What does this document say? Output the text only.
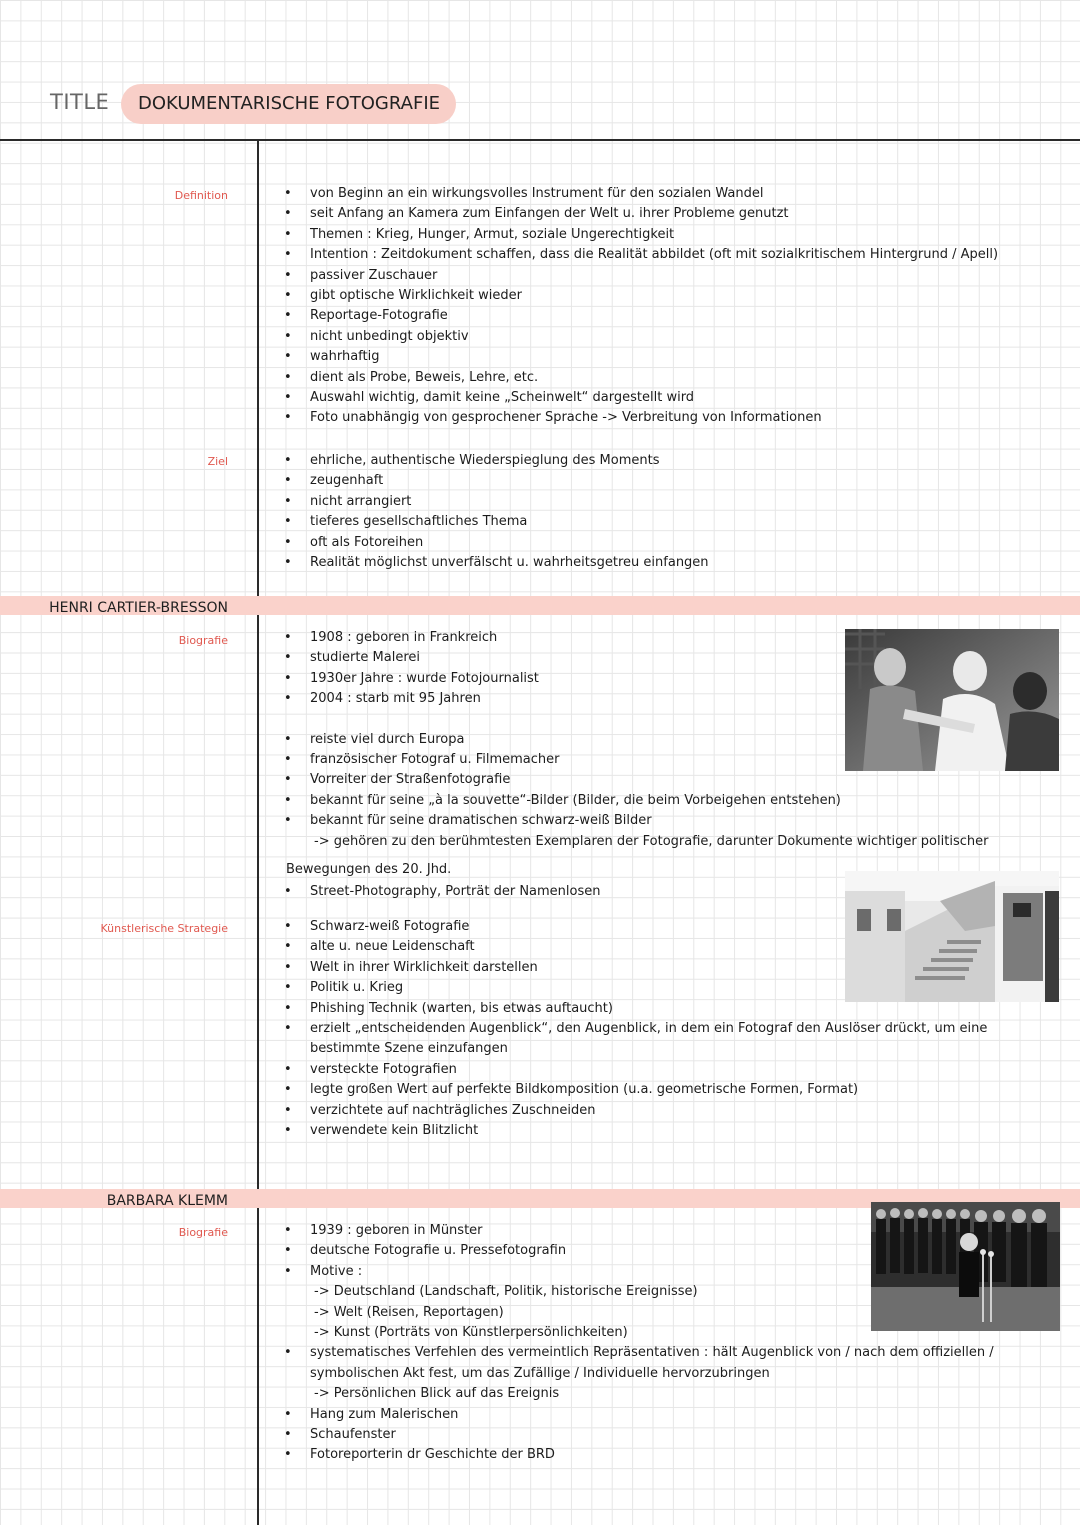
TITLE	DOKUMENTARISCHE FOTOGRAFIE
Definition	• von Beginn an ein wirkungsvolles Instrument für den sozialen Wandel
• seit Anfang an Kamera zum Einfangen der Welt u. ihrer Probleme genutzt
• Themen : Krieg, Hunger, Armut, soziale Ungerechtigkeit
• Intention : Zeitdokument schaffen, dass die Realität abbildet (oft mit sozialkritischem Hintergrund / Apell)
• passiver Zuschauer
• gibt optische Wirklichkeit wieder
• Reportage-Fotografie
• nicht unbedingt objektiv
• wahrhaftig
• dient als Probe, Beweis, Lehre, etc.
• Auswahl wichtig, damit keine „Scheinwelt“ dargestellt wird
• Foto unabhängig von gesprochener Sprache -> Verbreitung von Informationen
Ziel	• ehrliche, authentische Wiederspieglung des Moments
• zeugenhaft
• nicht arrangiert
• tieferes gesellschaftliches Thema
• oft als Fotoreihen
• Realität möglichst unverfälscht u. wahrheitsgetreu einfangen
HENRI CARTIER-BRESSON
Biografie	• 1908 : geboren in Frankreich
• studierte Malerei
• 1930er Jahre : wurde Fotojournalist
• 2004 : starb mit 95 Jahren
• reiste viel durch Europa
• französischer Fotograf u. Filmemacher
• Vorreiter der Straßenfotografie
• bekannt für seine „à la souvette“-Bilder (Bilder, die beim Vorbeigehen entstehen)
• bekannt für seine dramatischen schwarz-weiß Bilder
-> gehören zu den berühmtesten Exemplaren der Fotografie, darunter Dokumente wichtiger politischer
Bewegungen des 20. Jhd.
• Street-Photography, Porträt der Namenlosen
Künstlerische Strategie	• Schwarz-weiß Fotografie
• alte u. neue Leidenschaft
• Welt in ihrer Wirklichkeit darstellen
• Politik u. Krieg
• Phishing Technik (warten, bis etwas auftaucht)
• erzielt „entscheidenden Augenblick“, den Augenblick, in dem ein Fotograf den Auslöser drückt, um eine bestimmte Szene einzufangen
• versteckte Fotografien
• legte großen Wert auf perfekte Bildkomposition (u.a. geometrische Formen, Format)
• verzichtete auf nachträgliches Zuschneiden
• verwendete kein Blitzlicht
BARBARA KLEMM
Biografie	• 1939 : geboren in Münster
• deutsche Fotografie u. Pressefotografin
• Motive :
-> Deutschland (Landschaft, Politik, historische Ereignisse)
-> Welt (Reisen, Reportagen)
-> Kunst (Porträts von Künstlerpersönlichkeiten)
• systematisches Verfehlen des vermeintlich Repräsentativen : hält Augenblick von / nach dem offiziellen / symbolischen Akt fest, um das Zufällige / Individuelle hervorzubringen
-> Persönlichen Blick auf das Ereignis
• Hang zum Malerischen
• Schaufenster
• Fotoreporterin dr Geschichte der BRD
